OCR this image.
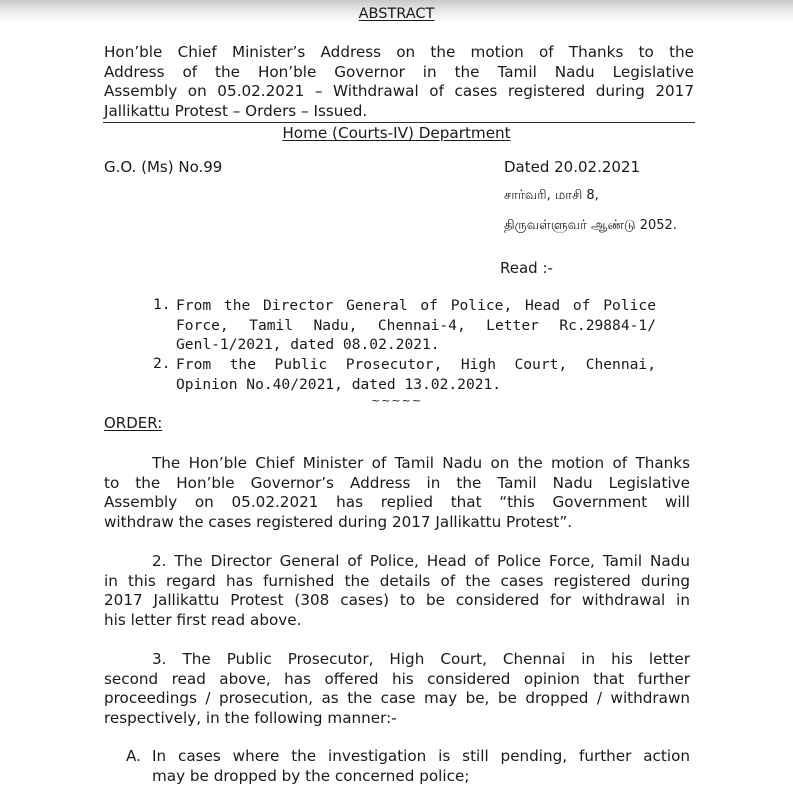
ABSTRACT
Hon’ble Chief Minister’s Address on the motion of Thanks to the
Address of the Hon’ble Governor in the Tamil Nadu Legislative
Assembly on 05.02.2021 – Withdrawal of cases registered during 2017
Jallikattu Protest – Orders – Issued.
Home (Courts-IV) Department
G.O. (Ms) No.99	Dated 20.02.2021
சார்வரி, மாசி 8,
திருவள்ளுவர் ஆண்டு 2052.
Read :-
1. From the Director General of Police, Head of Police
Force, Tamil Nadu, Chennai-4, Letter Rc.29884-1/
Genl-1/2021, dated 08.02.2021.
2. From the Public Prosecutor, High Court, Chennai,
Opinion No.40/2021, dated 13.02.2021.
~~~~~
ORDER:
The Hon’ble Chief Minister of Tamil Nadu on the motion of Thanks
to the Hon’ble Governor’s Address in the Tamil Nadu Legislative
Assembly on 05.02.2021 has replied that “this Government will
withdraw the cases registered during 2017 Jallikattu Protest”.
2. The Director General of Police, Head of Police Force, Tamil Nadu
in this regard has furnished the details of the cases registered during
2017 Jallikattu Protest (308 cases) to be considered for withdrawal in
his letter first read above.
3. The Public Prosecutor, High Court, Chennai in his letter
second read above, has offered his considered opinion that further
proceedings / prosecution, as the case may be, be dropped / withdrawn
respectively, in the following manner:-
A. In cases where the investigation is still pending, further action
may be dropped by the concerned police;
